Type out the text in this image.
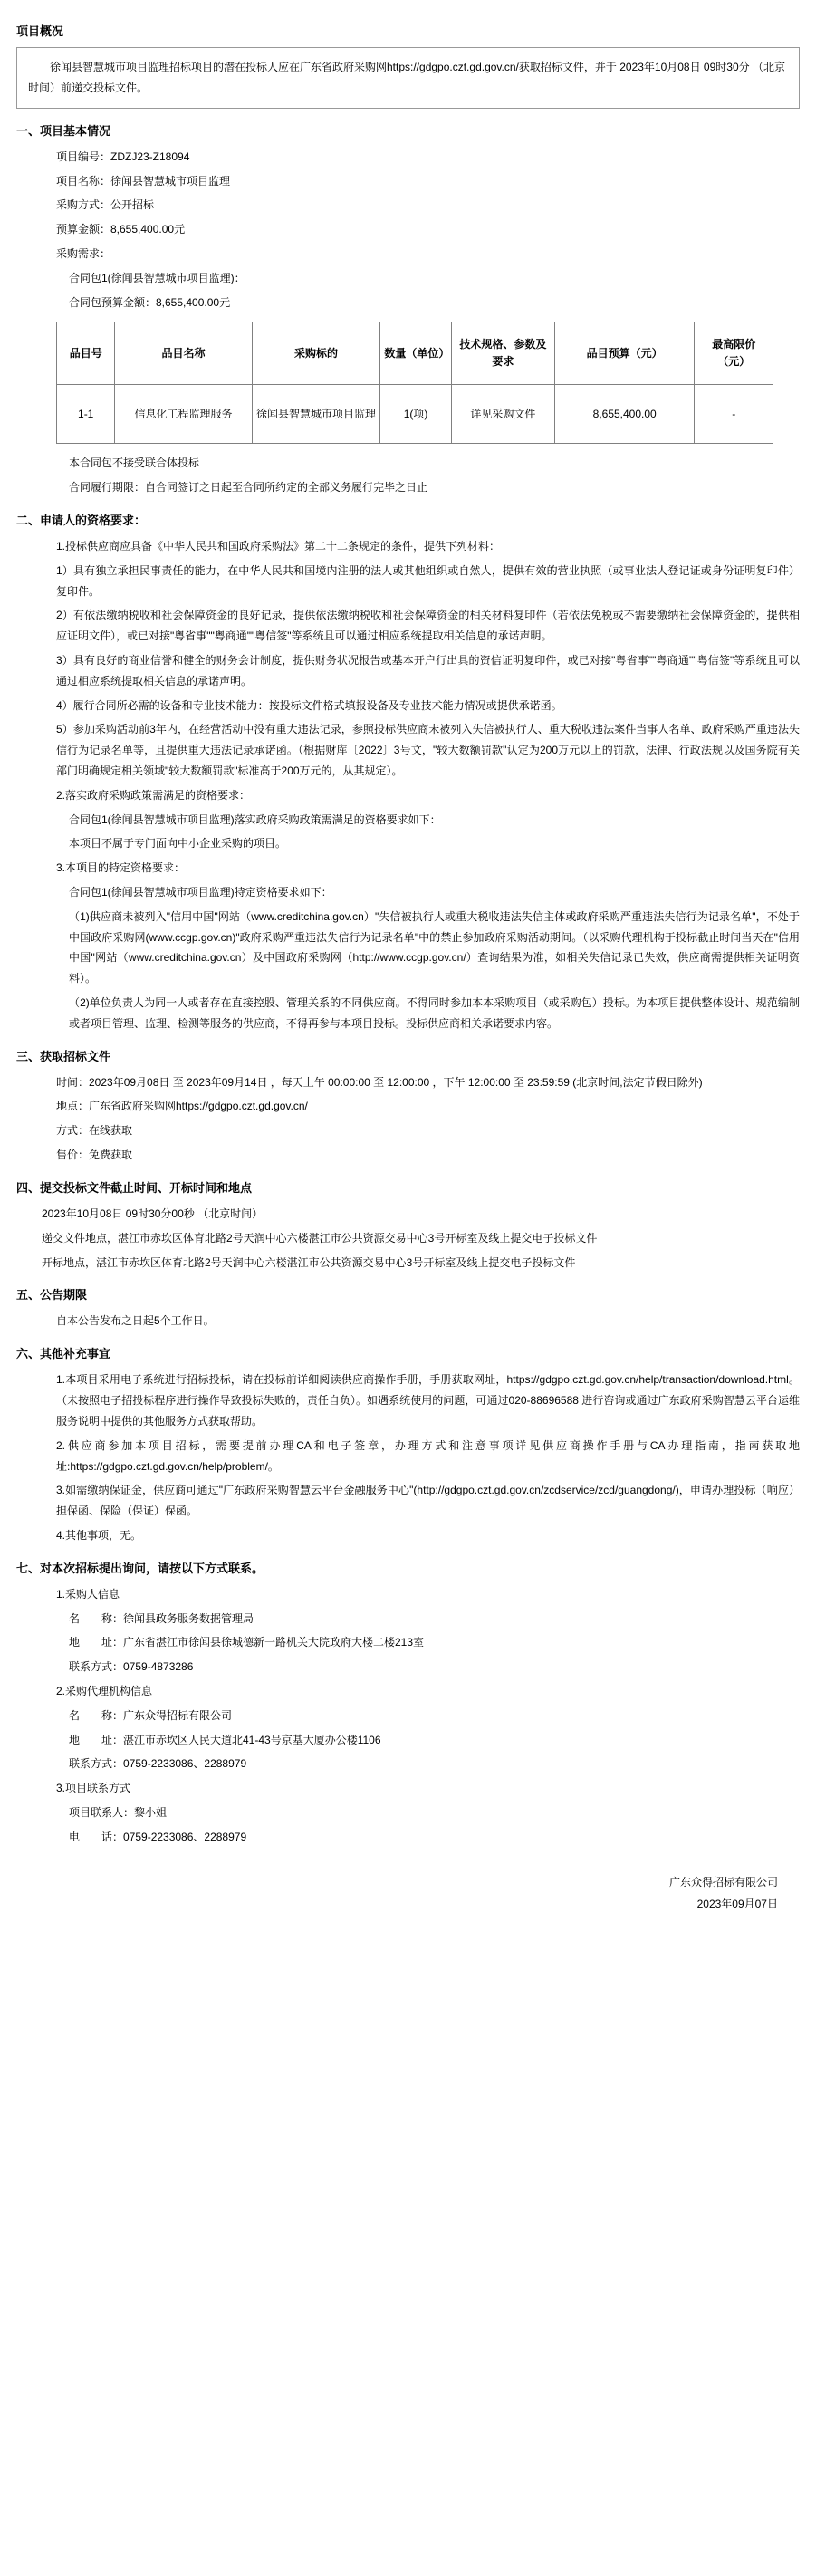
项目概况

徐闻县智慧城市项目监理招标项目的潜在投标人应在广东省政府采购网https://gdgpo.czt.gd.gov.cn/获取招标文件，并于 2023年10月08日 09时30分 （北京时间）前递交投标文件。

一、项目基本情况

项目编号：ZDZJ23-Z18094

项目名称：徐闻县智慧城市项目监理

采购方式：公开招标

预算金额：8,655,400.00元

采购需求：

合同包1(徐闻县智慧城市项目监理)：

合同包预算金额：8,655,400.00元

品目号	品目名称	采购标的	数量（单位）	技术规格、参数及要求	品目预算（元）	最高限价（元）
1-1	信息化工程监理服务	徐闻县智慧城市项目监理	1(项)	详见采购文件	8,655,400.00	-

本合同包不接受联合体投标

合同履行期限：自合同签订之日起至合同所约定的全部义务履行完毕之日止

二、申请人的资格要求：

1.投标供应商应具备《中华人民共和国政府采购法》第二十二条规定的条件，提供下列材料：

1）具有独立承担民事责任的能力，在中华人民共和国境内注册的法人或其他组织或自然人，提供有效的营业执照（或事业法人登记证或身份证明复印件）复印件。

2）有依法缴纳税收和社会保障资金的良好记录，提供依法缴纳税收和社会保障资金的相关材料复印件（若依法免税或不需要缴纳社会保障资金的，提供相应证明文件），或已对接"粤省事""粤商通""粤信签"等系统且可以通过相应系统提取相关信息的承诺声明。

3）具有良好的商业信誉和健全的财务会计制度，提供财务状况报告或基本开户行出具的资信证明复印件，或已对接"粤省事""粤商通""粤信签"等系统且可以通过相应系统提取相关信息的承诺声明。

4）履行合同所必需的设备和专业技术能力：按投标文件格式填报设备及专业技术能力情况或提供承诺函。

5）参加采购活动前3年内，在经营活动中没有重大违法记录，参照投标供应商未被列入失信被执行人、重大税收违法案件当事人名单、政府采购严重违法失信行为记录名单等，且提供重大违法记录承诺函。（根据财库〔2022〕3号文，"较大数额罚款"认定为200万元以上的罚款，法律、行政法规以及国务院有关部门明确规定相关领域"较大数额罚款"标准高于200万元的，从其规定）。

2.落实政府采购政策需满足的资格要求：

合同包1(徐闻县智慧城市项目监理)落实政府采购政策需满足的资格要求如下：

本项目不属于专门面向中小企业采购的项目。

3.本项目的特定资格要求：

合同包1(徐闻县智慧城市项目监理)特定资格要求如下：

（1)供应商未被列入"信用中国"网站（www.creditchina.gov.cn）"失信被执行人或重大税收违法失信主体或政府采购严重违法失信行为记录名单"，不处于中国政府采购网(www.ccgp.gov.cn)"政府采购严重违法失信行为记录名单"中的禁止参加政府采购活动期间。（以采购代理机构于投标截止时间当天在"信用中国"网站（www.creditchina.gov.cn）及中国政府采购网（http://www.ccgp.gov.cn/）查询结果为准，如相关失信记录已失效，供应商需提供相关证明资料）。

（2)单位负责人为同一人或者存在直接控股、管理关系的不同供应商。不得同时参加本本采购项目（或采购包）投标。为本项目提供整体设计、规范编制或者项目管理、监理、检测等服务的供应商，不得再参与本项目投标。投标供应商相关承诺要求内容。

三、获取招标文件

时间：2023年09月08日 至 2023年09月14日 ，每天上午 00:00:00 至 12:00:00 ，下午 12:00:00 至 23:59:59 (北京时间,法定节假日除外)

地点：广东省政府采购网https://gdgpo.czt.gd.gov.cn/

方式：在线获取

售价：免费获取

四、提交投标文件截止时间、开标时间和地点

2023年10月08日 09时30分00秒 （北京时间）

递交文件地点，湛江市赤坎区体育北路2号天润中心六楼湛江市公共资源交易中心3号开标室及线上提交电子投标文件

开标地点，湛江市赤坎区体育北路2号天润中心六楼湛江市公共资源交易中心3号开标室及线上提交电子投标文件

五、公告期限

自本公告发布之日起5个工作日。

六、其他补充事宜

1.本项目采用电子系统进行招标投标，请在投标前详细阅读供应商操作手册，手册获取网址，https://gdgpo.czt.gd.gov.cn/help/transaction/download.html。（未按照电子招投标程序进行操作导致投标失败的，责任自负）。如遇系统使用的问题，可通过020-88696588 进行咨询或通过广东政府采购智慧云平台运维服务说明中提供的其他服务方式获取帮助。

2.供应商参加本项目招标，需要提前办理CA和电子签章，办理方式和注意事项详见供应商操作手册与CA办理指南，指南获取地址:https://gdgpo.czt.gd.gov.cn/help/problem/。

3.如需缴纳保证金，供应商可通过"广东政府采购智慧云平台金融服务中心"(http://gdgpo.czt.gd.gov.cn/zcdservice/zcd/guangdong/)，申请办理投标（响应）担保函、保险（保证）保函。

4.其他事项，无。

七、对本次招标提出询问，请按以下方式联系。

1.采购人信息

名　　称：徐闻县政务服务数据管理局

地　　址：广东省湛江市徐闻县徐城德新一路机关大院政府大楼二楼213室

联系方式：0759-4873286

2.采购代理机构信息

名　　称：广东众得招标有限公司

地　　址：湛江市赤坎区人民大道北41-43号京基大厦办公楼1106

联系方式：0759-2233086、2288979

3.项目联系方式

项目联系人：黎小姐

电　　话：0759-2233086、2288979

广东众得招标有限公司
2023年09月07日
